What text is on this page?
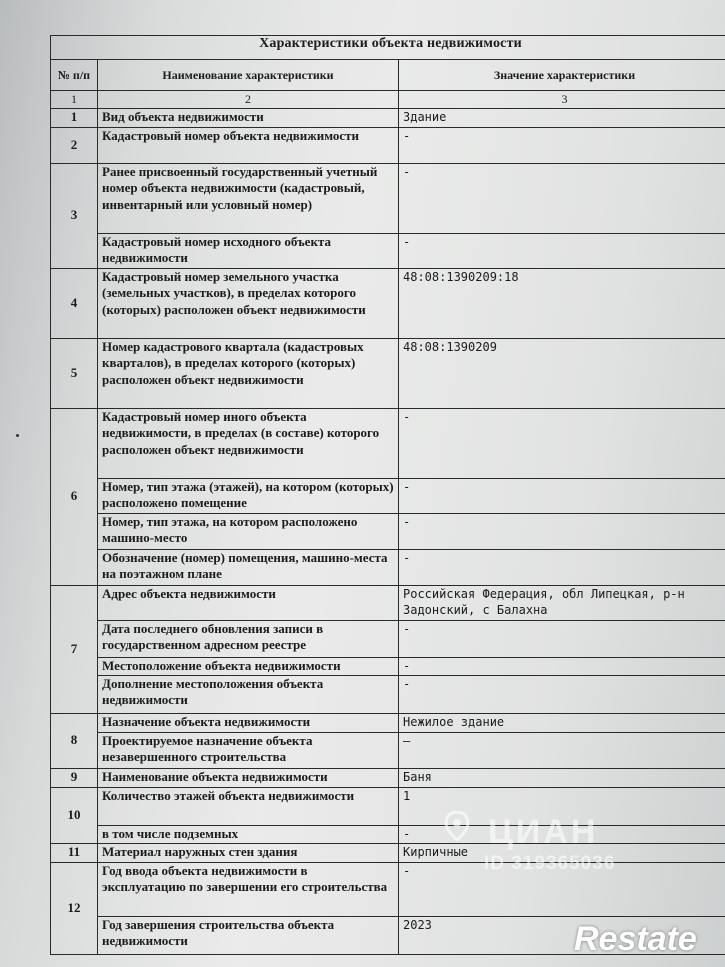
Характеристики объекта недвижимости		
№ п/п	Наименование характеристики	Значение характеристики
1	2	3
1	Вид объекта недвижимости	Здание
2	Кадастровый номер объекта недвижимости	-
3	Ранее присвоенный государственный учетный номер объекта недвижимости (кадастровый, инвентарный или условный номер)	-
	Кадастровый номер исходного объекта недвижимости	-
4	Кадастровый номер земельного участка (земельных участков), в пределах которого (которых) расположен объект недвижимости	48:08:1390209:18
5	Номер кадастрового квартала (кадастровых кварталов), в пределах которого (которых) расположен объект недвижимости	48:08:1390209
6	Кадастровый номер иного объекта недвижимости, в пределах (в составе) которого расположен объект недвижимости	-
	Номер, тип этажа (этажей), на котором (которых) расположено помещение	-
	Номер, тип этажа, на котором расположено машино-место	-
	Обозначение (номер) помещения, машино-места на поэтажном плане	-
7	Адрес объекта недвижимости	Российская Федерация, обл Липецкая, р-н Задонский, с Балахна
	Дата последнего обновления записи в государственном адресном реестре	-
	Местоположение объекта недвижимости	-
	Дополнение местоположения объекта недвижимости	-
8	Назначение объекта недвижимости	Нежилое здание
	Проектируемое назначение объекта незавершенного строительства	–
9	Наименование объекта недвижимости	Баня
10	Количество этажей объекта недвижимости	1
	в том числе подземных	-
11	Материал наружных стен здания	Кирпичные
12	Год ввода объекта недвижимости в эксплуатацию по завершении его строительства	-
	Год завершения строительства объекта недвижимости	2023
ЦИАН
ID 319365036
Restate
